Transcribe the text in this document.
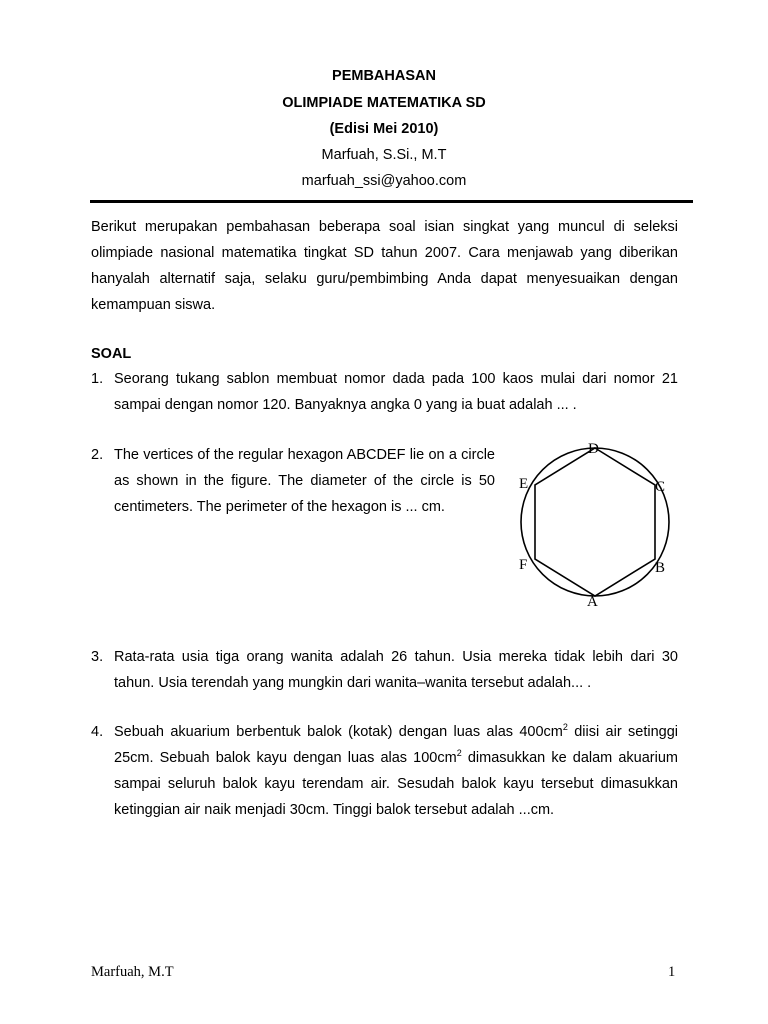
PEMBAHASAN
OLIMPIADE MATEMATIKA SD
(Edisi Mei 2010)
Marfuah, S.Si., M.T
marfuah_ssi@yahoo.com

Berikut merupakan pembahasan beberapa soal isian singkat yang muncul di seleksi olimpiade nasional matematika tingkat SD tahun 2007. Cara menjawab yang diberikan hanyalah alternatif saja, selaku guru/pembimbing Anda dapat menyesuaikan dengan kemampuan siswa.

SOAL
1. Seorang tukang sablon membuat nomor dada pada 100 kaos mulai dari nomor 21 sampai dengan nomor 120. Banyaknya angka 0 yang ia buat adalah ... .

2. The vertices of the regular hexagon ABCDEF lie on a circle as shown in the figure. The diameter of the circle is 50 centimeters. The perimeter of the hexagon is ... cm.

D
C
E
F	B
A
3. Rata-rata usia tiga orang wanita adalah 26 tahun. Usia mereka tidak lebih dari 30 tahun. Usia terendah yang mungkin dari wanita–wanita tersebut adalah... .

4. Sebuah akuarium berbentuk balok (kotak) dengan luas alas $400cm^2$ diisi air setinggi 25cm. Sebuah balok kayu dengan luas alas $100cm^2$ dimasukkan ke dalam akuarium sampai seluruh balok kayu terendam air. Sesudah balok kayu tersebut dimasukkan ketinggian air naik menjadi 30cm. Tinggi balok tersebut adalah ...cm.

Marfuah, M.T	1
